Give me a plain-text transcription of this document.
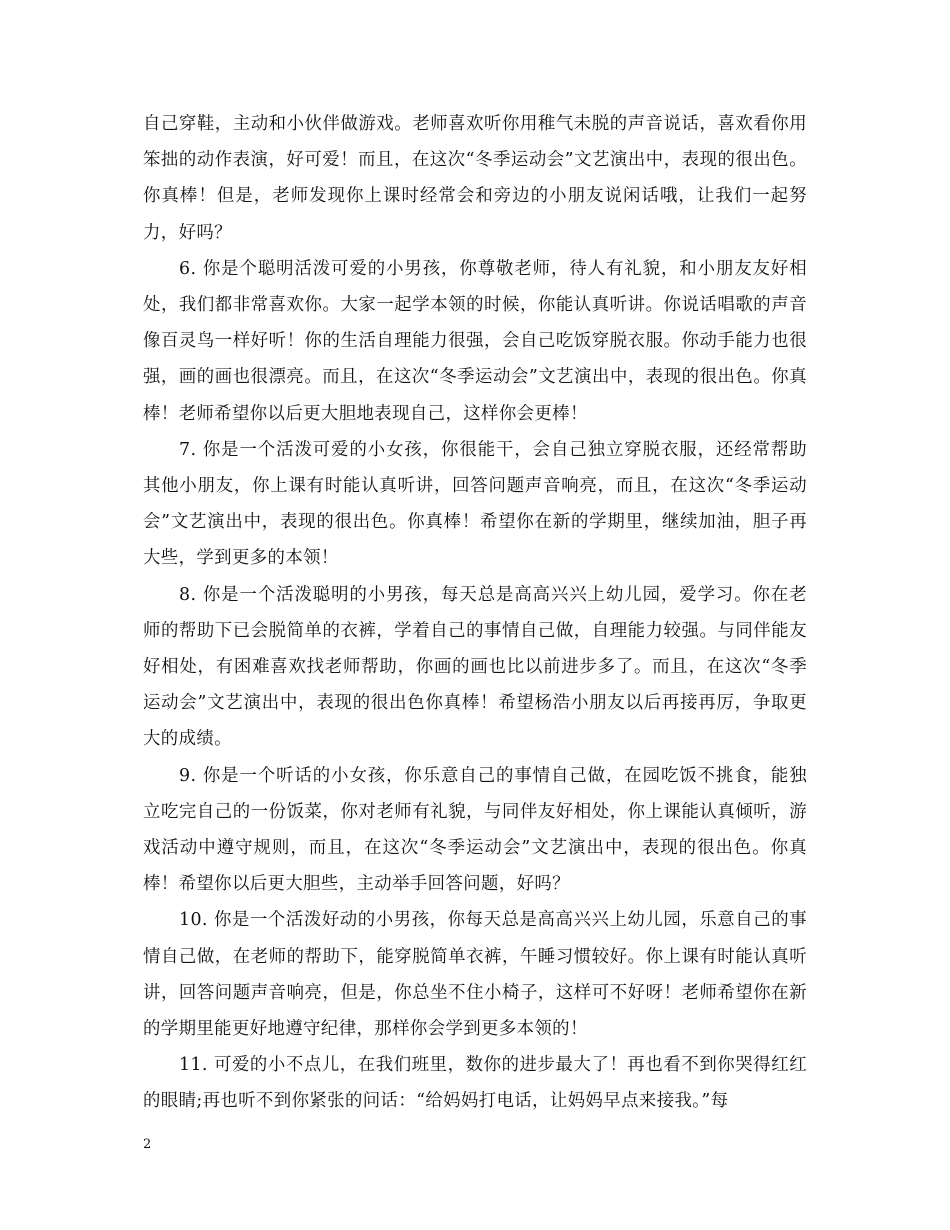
自己穿鞋，主动和小伙伴做游戏。老师喜欢听你用稚气未脱的声音说话，喜欢看你用笨拙的动作表演，好可爱！而且，在这次“冬季运动会”文艺演出中，表现的很出色。你真棒！但是，老师发现你上课时经常会和旁边的小朋友说闲话哦，让我们一起努力，好吗？

6. 你是个聪明活泼可爱的小男孩，你尊敬老师，待人有礼貌，和小朋友友好相处，我们都非常喜欢你。大家一起学本领的时候，你能认真听讲。你说话唱歌的声音像百灵鸟一样好听！你的生活自理能力很强，会自己吃饭穿脱衣服。你动手能力也很强，画的画也很漂亮。而且，在这次“冬季运动会”文艺演出中，表现的很出色。你真棒！老师希望你以后更大胆地表现自己，这样你会更棒！

7. 你是一个活泼可爱的小女孩，你很能干，会自己独立穿脱衣服，还经常帮助其他小朋友，你上课有时能认真听讲，回答问题声音响亮，而且，在这次“冬季运动会”文艺演出中，表现的很出色。你真棒！希望你在新的学期里，继续加油，胆子再大些，学到更多的本领！

8. 你是一个活泼聪明的小男孩，每天总是高高兴兴上幼儿园，爱学习。你在老师的帮助下已会脱简单的衣裤，学着自己的事情自己做，自理能力较强。与同伴能友好相处，有困难喜欢找老师帮助，你画的画也比以前进步多了。而且，在这次“冬季运动会”文艺演出中，表现的很出色你真棒！希望杨浩小朋友以后再接再厉，争取更大的成绩。

9. 你是一个听话的小女孩，你乐意自己的事情自己做，在园吃饭不挑食，能独立吃完自己的一份饭菜，你对老师有礼貌，与同伴友好相处，你上课能认真倾听，游戏活动中遵守规则，而且，在这次“冬季运动会”文艺演出中，表现的很出色。你真棒！希望你以后更大胆些，主动举手回答问题，好吗？

10. 你是一个活泼好动的小男孩，你每天总是高高兴兴上幼儿园，乐意自己的事情自己做，在老师的帮助下，能穿脱简单衣裤，午睡习惯较好。你上课有时能认真听讲，回答问题声音响亮，但是，你总坐不住小椅子，这样可不好呀！老师希望你在新的学期里能更好地遵守纪律，那样你会学到更多本领的！

11. 可爱的小不点儿，在我们班里，数你的进步最大了！再也看不到你哭得红红的眼睛;再也听不到你紧张的问话：“给妈妈打电话，让妈妈早点来接我。”每

2
